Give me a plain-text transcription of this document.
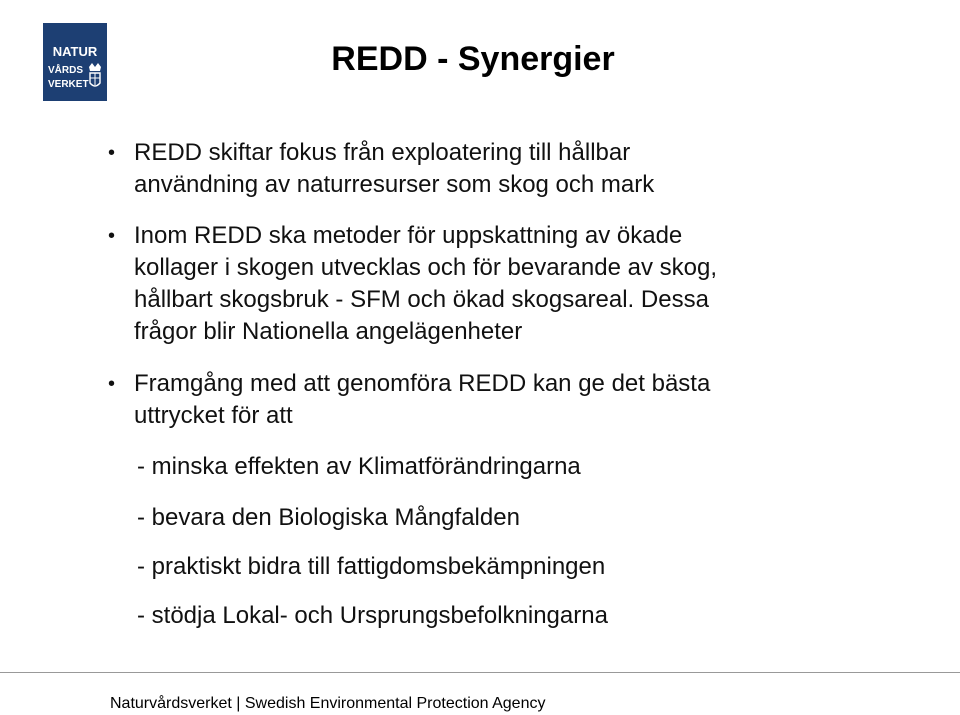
NATUR
VÅRDS
VERKET
REDD - Synergier
• REDD skiftar fokus från exploatering till hållbar
användning av naturresurser som skog och mark
• Inom REDD ska metoder för uppskattning av ökade
kollager i skogen utvecklas och för bevarande av skog,
hållbart skogsbruk - SFM och ökad skogsareal. Dessa
frågor blir Nationella angelägenheter
• Framgång med att genomföra REDD kan ge det bästa
uttrycket för att
- minska effekten av Klimatförändringarna
- bevara den Biologiska Mångfalden
- praktiskt bidra till fattigdomsbekämpningen
- stödja Lokal- och Ursprungsbefolkningarna
Naturvårdsverket | Swedish Environmental Protection Agency
